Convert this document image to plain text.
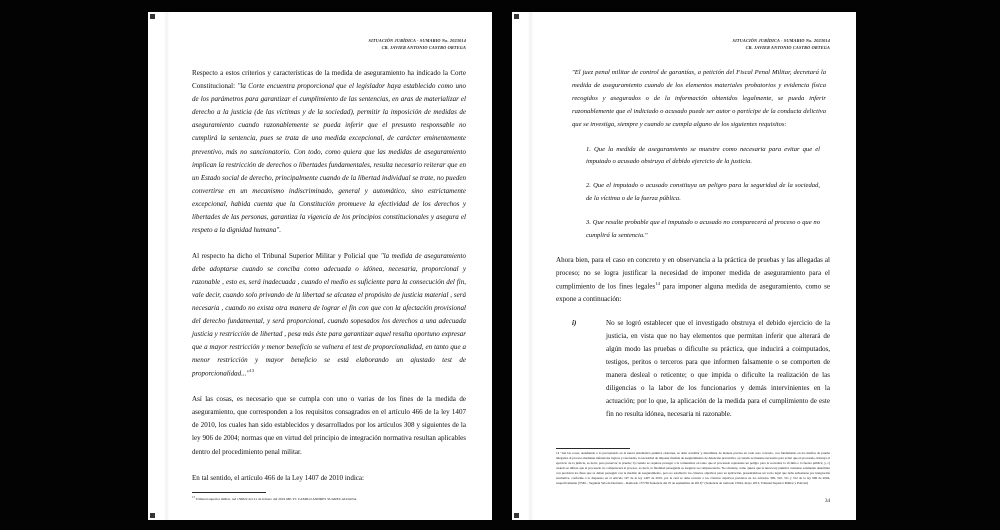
SITUACIÓN JURÍDICA - SUMARIO No. 2023014
CR. JAVIER ANTONIO CASTRO ORTEGA

Respecto a estos criterios y características de la medida de aseguramiento ha indicado la Corte Constitucional: "la Corte encuentra proporcional que el legislador haya establecido como uno de los parámetros para garantizar el cumplimiento de las sentencias, en aras de materializar el derecho a la justicia (de las víctimas y de la sociedad), permitir la imposición de medidas de aseguramiento cuando razonablemente se pueda inferir que el presunto responsable no cumplirá la sentencia, pues se trata de una medida excepcional, de carácter eminentemente preventivo, más no sancionatorio. Con todo, como quiera que las medidas de aseguramiento implican la restricción de derechos o libertades fundamentales, resulta necesario reiterar que en un Estado social de derecho, principalmente cuando de la libertad individual se trate, no pueden convertirse en un mecanismo indiscriminado, general y automático, sino estrictamente excepcional, habida cuenta que la Constitución promueve la efectividad de los derechos y libertades de las personas, garantiza la vigencia de los principios constitucionales y asegura el respeto a la dignidad humana".

Al respecto ha dicho el Tribunal Superior Militar y Policial que "la medida de aseguramiento debe adoptarse cuando se conciba como adecuada o idónea, necesaria, proporcional y razonable , esto es, será inadecuada , cuando el medio es suficiente para la consecución del fin, vale decir, cuando solo privando de la libertad se alcanza el propósito de justicia material , será necesaria , cuando no exista otra manera de lograr el fin con que con la afectación provisional del derecho fundamental, y será proporcional, cuando sopesados los derechos a una adecuada justicia y restricción de libertad , pesa más éste para garantizar aquel resulta oportuno expresar que a mayor restricción y menor beneficio se vulnera el test de proporcionalidad, en tanto que a menor restricción y mayor beneficio se está elaborando un ajustado test de proporcionalidad..."$^{13}$

Así las cosas, es necesario que se cumpla con uno o varias de los fines de la medida de aseguramiento, que corresponden a los requisitos consagrados en el artículo 466 de la ley 1407 de 2010, los cuales han sido establecidos y desarrollados por los artículos 308 y siguientes de la ley 906 de 2004; normas que en virtud del principio de integración normativa resultan aplicables dentro del procedimiento penal militar.

En tal sentido, el artículo 466 de la Ley 1407 de 2010 indica:

$^{13}$ Tribunal superior militar, rad 156822 del 21 de febrero del 2019 MP. TC CAMILO ANDRES SUAREZ ALDANA.
SITUACIÓN JURÍDICA - SUMARIO No. 2023014
CR. JAVIER ANTONIO CASTRO ORTEGA

"El juez penal militar de control de garantías, a petición del Fiscal Penal Militar, decretará la medida de aseguramiento cuando de los elementos materiales probatorios y evidencia física recogidos y asegurados o de la información obtenidos legalmente, se pueda inferir razonablemente que el indiciado o acusado puede ser autor o partícipe de la conducta delictiva que se investiga, siempre y cuando se cumpla alguno de los siguientes requisitos:

1. Que la medida de aseguramiento se muestre como necesaria para evitar que el imputado o acusado obstruya el debido ejercicio de la justicia.

2. Que el imputado o acusado constituya un peligro para la seguridad de la sociedad, de la víctima o de la fuerza pública.

3. Que resulte probable que el imputado o acusado no comparecerá al proceso o que no cumplirá la sentencia."

Ahora bien, para el caso en concreto y en observancia a la práctica de pruebas y las allegadas al proceso; no se logra justificar la necesidad de imponer medida de aseguramiento para el cumplimiento de los fines legales$^{14}$ para imponer alguna medida de aseguramiento, como se expone a continuación:

i)	No se logró establecer que el investigado obstruya el debido ejercicio de la justicia, en vista que no hay elementos que permitan inferir que alterará de algún modo las pruebas o dificulte su práctica, que inducirá a coimputados, testigos, peritos o terceros para que informen falsamente o se comporten de manera desleal o reticente; o que impida o dificulte la realización de las diligencias o la labor de los funcionarios y demás intervinientes en la actuación; por lo que, la aplicación de la medida para el cumplimiento de este fin no resulta idónea, necesaria ni razonable.
14 "Así las cosas, atendiendo a lo preceptuado en la nueva sistemática punitiva castrense, se debe acreditar y determinar de manera precisa en cada caso concreto, con fundamento en los medios de prueba allegados al proceso mediante inferencias lógicas y razonadas, la necesidad de imponer medida de aseguramiento de detención preventiva, a) cuando se muestre necesaria para evitar que el procesado obstruya el ejercicio de la justicia, es decir, para preservar la prueba; b) cuando se requiera proteger a la comunidad, en tanto que el procesado represente un peligro para la sociedad, la víctima o la fuerza pública; y, c) cuando se infiera que el procesado no comparecerá al proceso, es decir, la finalidad perseguida es asegurar su comparecencia. No obstante, como quiera que la nueva ley punitiva castrense solamente determinó con precisión los fines que se deben perseguir con la medida de aseguramiento, pero no estableció los criterios objetivos para su aplicación, presentándose un vacío legal que debe subsanarse por integración normativa, conforme a lo dispuesto en el artículo 197 de la ley 1407 de 2010, por la cual se debe recurrir a los criterios objetivos previstos en los artículos 309, 310, 311 y 312 de la ley 906 de 2004, respectivamente (TSM – Segunda Sala de Decisión – Radicado 157736 Sentencia del 25 de septiembre de 2013)" (Sentencia de radicado 15622, mayo 2013, Tribunal Superior Militar y Policial)
34
